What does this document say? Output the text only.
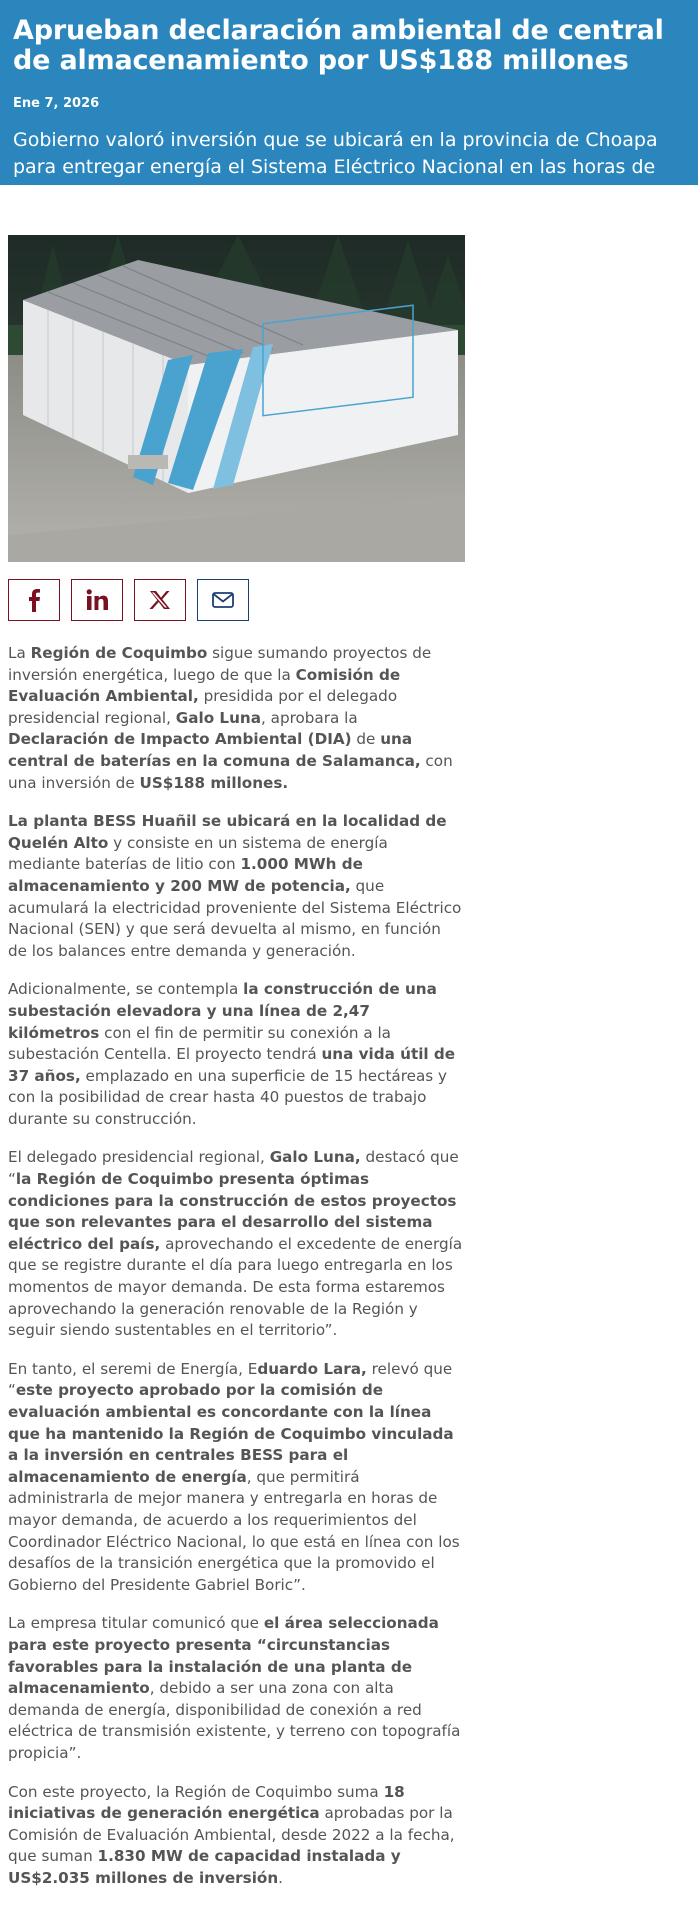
Aprueban declaración ambiental de central de almacenamiento por US$188 millones
Ene 7, 2026

Gobierno valoró inversión que se ubicará en la provincia de Choapa para entregar energía el Sistema Eléctrico Nacional en las horas de mayor demanda.

La Región de Coquimbo sigue sumando proyectos de inversión energética, luego de que la Comisión de Evaluación Ambiental, presidida por el delegado presidencial regional, Galo Luna, aprobara la Declaración de Impacto Ambiental (DIA) de una central de baterías en la comuna de Salamanca, con una inversión de US$188 millones.

La planta BESS Huañil se ubicará en la localidad de Quelén Alto y consiste en un sistema de energía mediante baterías de litio con 1.000 MWh de almacenamiento y 200 MW de potencia, que acumulará la electricidad proveniente del Sistema Eléctrico Nacional (SEN) y que será devuelta al mismo, en función de los balances entre demanda y generación.

Adicionalmente, se contempla la construcción de una subestación elevadora y una línea de 2,47 kilómetros con el fin de permitir su conexión a la subestación Centella. El proyecto tendrá una vida útil de 37 años, emplazado en una superficie de 15 hectáreas y con la posibilidad de crear hasta 40 puestos de trabajo durante su construcción.

El delegado presidencial regional, Galo Luna, destacó que “la Región de Coquimbo presenta óptimas condiciones para la construcción de estos proyectos que son relevantes para el desarrollo del sistema eléctrico del país, aprovechando el excedente de energía que se registre durante el día para luego entregarla en los momentos de mayor demanda. De esta forma estaremos aprovechando la generación renovable de la Región y seguir siendo sustentables en el territorio”.

En tanto, el seremi de Energía, Eduardo Lara, relevó que “este proyecto aprobado por la comisión de evaluación ambiental es concordante con la línea que ha mantenido la Región de Coquimbo vinculada a la inversión en centrales BESS para el almacenamiento de energía, que permitirá administrarla de mejor manera y entregarla en horas de mayor demanda, de acuerdo a los requerimientos del Coordinador Eléctrico Nacional, lo que está en línea con los desafíos de la transición energética que la promovido el Gobierno del Presidente Gabriel Boric”.

La empresa titular comunicó que el área seleccionada para este proyecto presenta “circunstancias favorables para la instalación de una planta de almacenamiento, debido a ser una zona con alta demanda de energía, disponibilidad de conexión a red eléctrica de transmisión existente, y terreno con topografía propicia”.

Con este proyecto, la Región de Coquimbo suma 18 iniciativas de generación energética aprobadas por la Comisión de Evaluación Ambiental, desde 2022 a la fecha, que suman 1.830 MW de capacidad instalada y US$2.035 millones de inversión.
